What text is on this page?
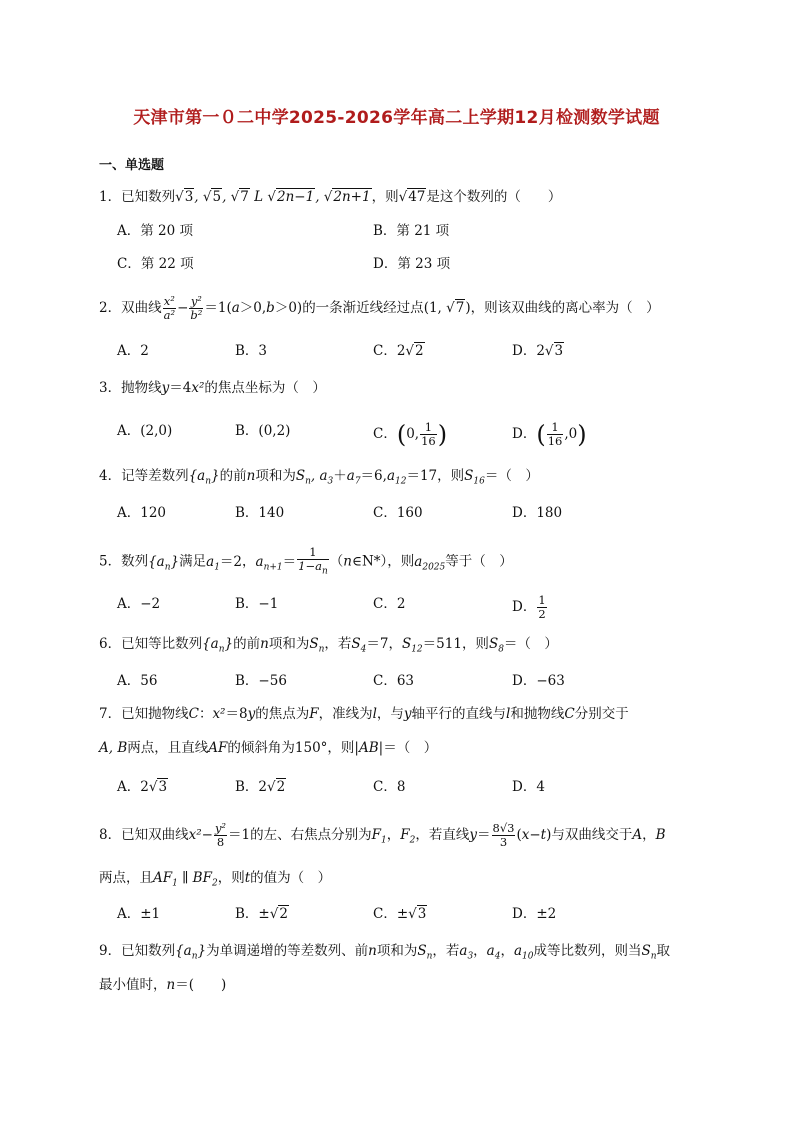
天津市第一０二中学2025-2026学年高二上学期12月检测数学试题
一、单选题
1．已知数列√3, √5, √7 L √2n−1, √2n+1，则√47是这个数列的（　　）
A．第 20 项	B．第 21 项
C．第 22 项	D．第 23 项
2．双曲线 $\frac{\text{x²}}{\text{a²}} - \frac{\text{y²}}{\text{b²}} =1(a>0,b>0)$的一条渐近线经过点(1, √7)，则该双曲线的离心率为（　）
A．2	B．3	C．2√2	D．2√3
3．抛物线y＝4x²的焦点坐标为（　）
A．(2,0)	B．(0,2)	C．(0, $\frac{1}{16}$ )	D．( $\frac{1}{16} ,0$)
4．记等差数列$\{a_n\}$的前n项和为$S_n$, $a_3+a_7=6,a_{12}=17$，则$S_{16}=$（　）
A．120	B．140	C．160	D．180
5．数列$\{a_n\}$满足$a_1=2$，$a_{n+1}= \frac{1}{1-a_n}$ （n∈N*），则$a_{2025}$等于（　）
A．−2	B．−1	C．2	D． $\frac{1}{2}$
6．已知等比数列$\{a_n\}$的前n项和为$S_n$，若$S_4=7$，$S_{12}=511$，则$S_8=$（　）
A．56	B．−56	C．63	D．−63
7．已知抛物线C：x²＝8y的焦点为F，准线为l，与y轴平行的直线与l和抛物线C分别交于
A, B两点，且直线AF的倾斜角为150°，则|AB|＝（　）
A．2√3	B．2√2	C．8	D．4
8．已知双曲线$x^2- \frac{\text{y²}}{8} =1$的左、右焦点分别为$F_1$，$F_2$，若直线$y= \frac{8√3}{3} (x-t)$与双曲线交于A，B
两点，且$AF_1$ ∥ $BF_2$，则t的值为（　）
A．±1	B．±√2	C．±√3	D．±2
9．已知数列$\{a_n\}$为单调递增的等差数列、前n项和为$S_n$，若$a_3$，$a_4$，$a_{10}$成等比数列，则当$S_n$取
最小值时，n＝(　　)
